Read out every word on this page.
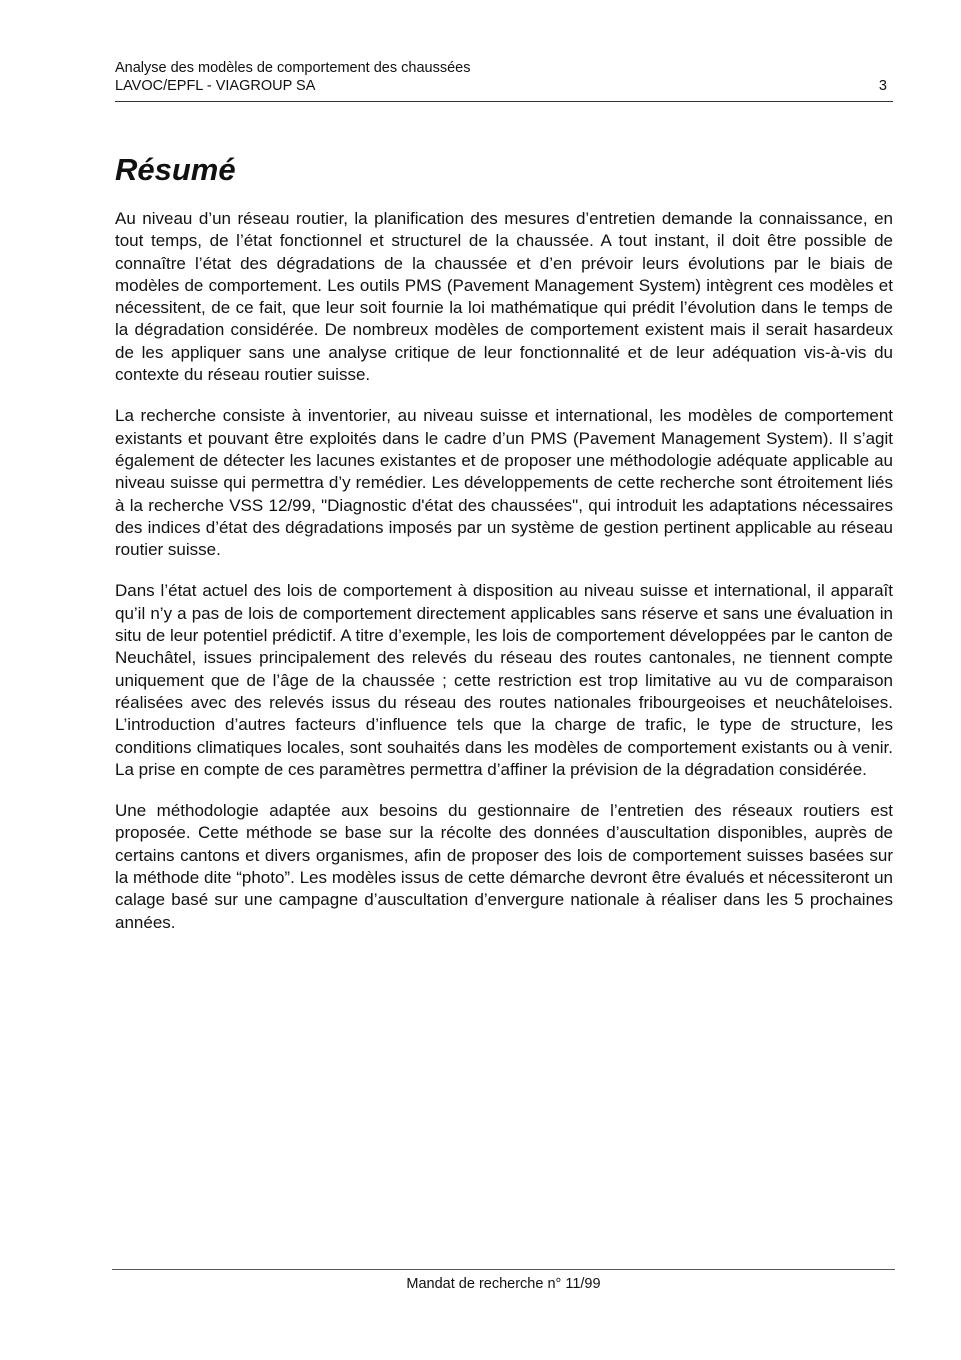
Analyse des modèles de comportement des chaussées
LAVOC/EPFL - VIAGROUP SA	3
Résumé

Au niveau d’un réseau routier, la planification des mesures d’entretien demande la connaissance, en tout temps, de l’état fonctionnel et structurel de la chaussée. A tout instant, il doit être possible de connaître l’état des dégradations de la chaussée et d’en prévoir leurs évolutions par le biais de modèles de comportement. Les outils PMS (Pavement Management System) intègrent ces modèles et nécessitent, de ce fait, que leur soit fournie la loi mathématique qui prédit l’évolution dans le temps de la dégradation considérée. De nombreux modèles de comportement existent mais il serait hasardeux de les appliquer sans une analyse critique de leur fonctionnalité et de leur adéquation vis-à-vis du contexte du réseau routier suisse.

La recherche consiste à inventorier, au niveau suisse et international, les modèles de comportement existants et pouvant être exploités dans le cadre d’un PMS (Pavement Management System). Il s’agit également de détecter les lacunes existantes et de proposer une méthodologie adéquate applicable au niveau suisse qui permettra d’y remédier. Les développements de cette recherche sont étroitement liés à la recherche VSS 12/99, "Diagnostic d'état des chaussées", qui introduit les adaptations nécessaires des indices d’état des dégradations imposés par un système de gestion pertinent applicable au réseau routier suisse.

Dans l’état actuel des lois de comportement à disposition au niveau suisse et international, il apparaît qu’il n’y a pas de lois de comportement directement applicables sans réserve et sans une évaluation in situ de leur potentiel prédictif. A titre d’exemple, les lois de comportement développées par le canton de Neuchâtel, issues principalement des relevés du réseau des routes cantonales, ne tiennent compte uniquement que de l’âge de la chaussée ; cette restriction est trop limitative au vu de comparaison réalisées avec des relevés issus du réseau des routes nationales fribourgeoises et neuchâteloises. L’introduction d’autres facteurs d’influence tels que la charge de trafic, le type de structure, les conditions climatiques locales, sont souhaités dans les modèles de comportement existants ou à venir. La prise en compte de ces paramètres permettra d’affiner la prévision de la dégradation considérée.

Une méthodologie adaptée aux besoins du gestionnaire de l’entretien des réseaux routiers est proposée. Cette méthode se base sur la récolte des données d’auscultation disponibles, auprès de certains cantons et divers organismes, afin de proposer des lois de comportement suisses basées sur la méthode dite “photo”. Les modèles issus de cette démarche devront être évalués et nécessiteront un calage basé sur une campagne d’auscultation d’envergure nationale à réaliser dans les 5 prochaines années.

Mandat de recherche n° 11/99
